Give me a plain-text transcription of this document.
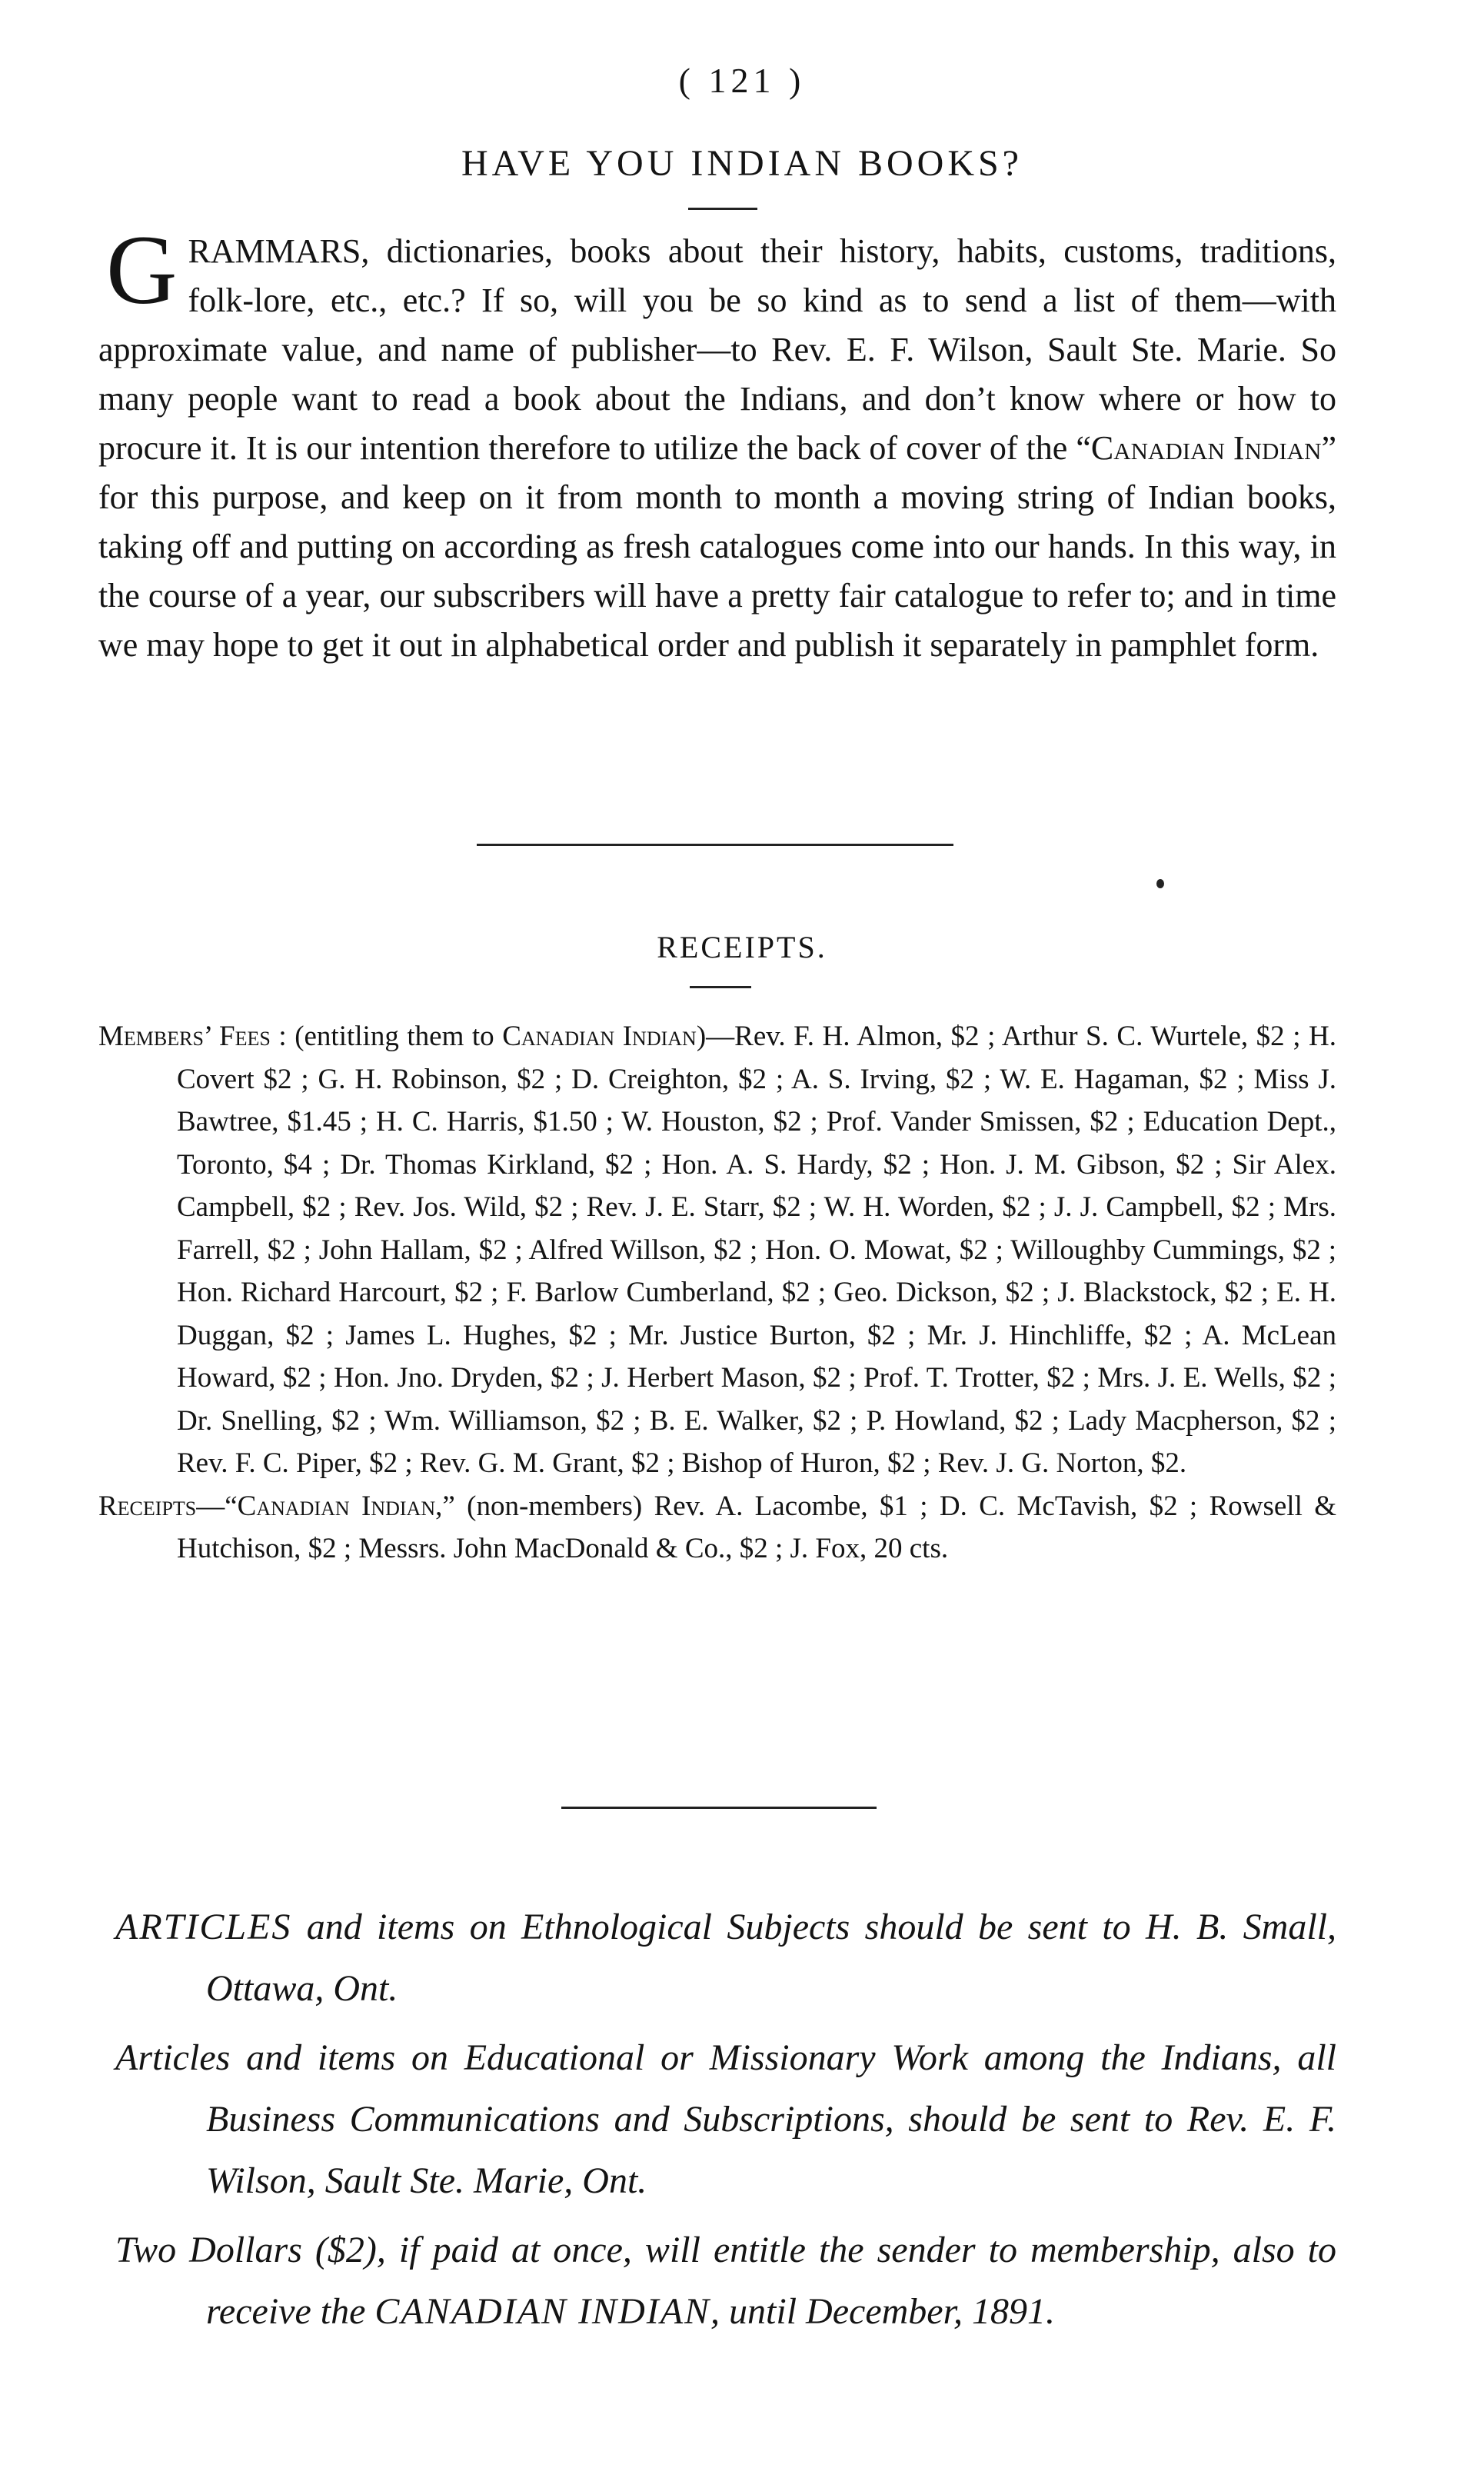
( 121 )
HAVE YOU INDIAN BOOKS?
GRAMMARS, dictionaries, books about their history, habits, customs, traditions, folk-lore, etc., etc.? If so, will you be so kind as to send a list of them—with approximate value, and name of publisher—to Rev. E. F. Wilson, Sault Ste. Marie. So many people want to read a book about the Indians, and don’t know where or how to procure it. It is our intention therefore to utilize the back of cover of the “Canadian Indian” for this purpose, and keep on it from month to month a moving string of Indian books, taking off and putting on according as fresh catalogues come into our hands. In this way, in the course of a year, our subscribers will have a pretty fair catalogue to refer to; and in time we may hope to get it out in alphabetical order and publish it separately in pamphlet form.
RECEIPTS.

Members’ Fees : (entitling them to Canadian Indian)—Rev. F. H. Almon, $2 ; Arthur S. C. Wurtele, $2 ; H. Covert $2 ; G. H. Robinson, $2 ; D. Creighton, $2 ; A. S. Irving, $2 ; W. E. Hagaman, $2 ; Miss J. Bawtree, $1.45 ; H. C. Harris, $1.50 ; W. Houston, $2 ; Prof. Vander Smissen, $2 ; Education Dept., Toronto, $4 ; Dr. Thomas Kirkland, $2 ; Hon. A. S. Hardy, $2 ; Hon. J. M. Gibson, $2 ; Sir Alex. Campbell, $2 ; Rev. Jos. Wild, $2 ; Rev. J. E. Starr, $2 ; W. H. Worden, $2 ; J. J. Campbell, $2 ; Mrs. Farrell, $2 ; John Hallam, $2 ; Alfred Willson, $2 ; Hon. O. Mowat, $2 ; Willoughby Cummings, $2 ; Hon. Richard Harcourt, $2 ; F. Barlow Cumberland, $2 ; Geo. Dickson, $2 ; J. Blackstock, $2 ; E. H. Duggan, $2 ; James L. Hughes, $2 ; Mr. Justice Burton, $2 ; Mr. J. Hinchliffe, $2 ; A. McLean Howard, $2 ; Hon. Jno. Dryden, $2 ; J. Herbert Mason, $2 ; Prof. T. Trotter, $2 ; Mrs. J. E. Wells, $2 ; Dr. Snelling, $2 ; Wm. Williamson, $2 ; B. E. Walker, $2 ; P. Howland, $2 ; Lady Macpherson, $2 ; Rev. F. C. Piper, $2 ; Rev. G. M. Grant, $2 ; Bishop of Huron, $2 ; Rev. J. G. Norton, $2.

Receipts—“Canadian Indian,” (non-members) Rev. A. Lacombe, $1 ; D. C. McTavish, $2 ; Rowsell & Hutchison, $2 ; Messrs. John MacDonald & Co., $2 ; J. Fox, 20 cts.

ARTICLES and items on Ethnological Subjects should be sent to H. B. Small, Ottawa, Ont.

Articles and items on Educational or Missionary Work among the Indians, all Business Communications and Subscriptions, should be sent to Rev. E. F. Wilson, Sault Ste. Marie, Ont.

Two Dollars ($2), if paid at once, will entitle the sender to membership, also to receive the CANADIAN INDIAN, until December, 1891.
